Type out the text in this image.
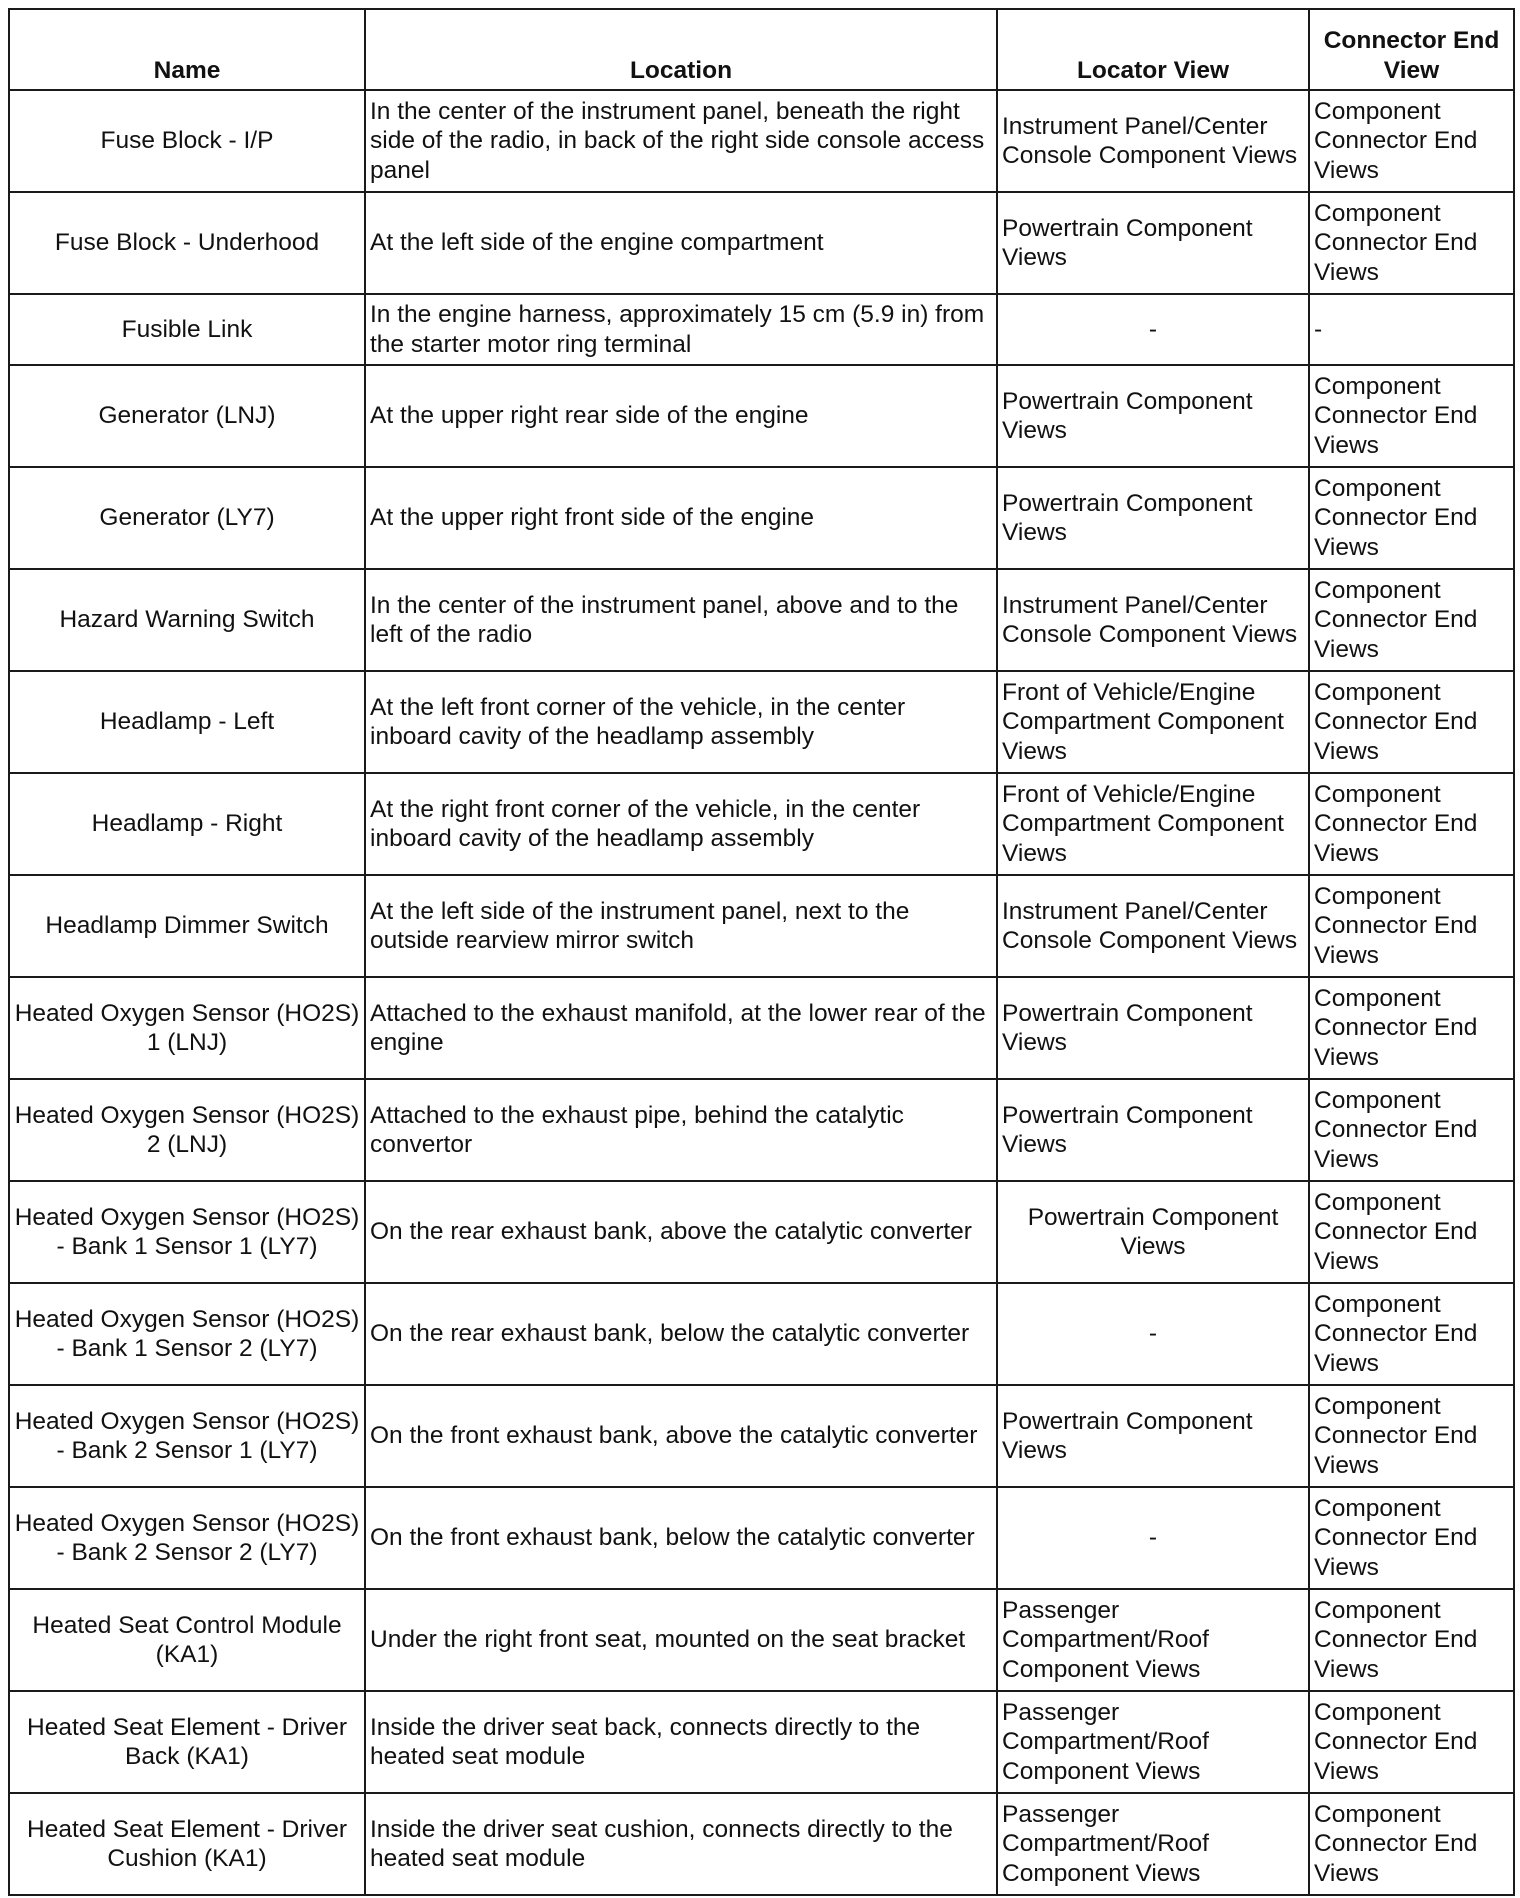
Name	Location	Locator View	Connector End View
Fuse Block - I/P	In the center of the instrument panel, beneath the right side of the radio, in back of the right side console access panel	Instrument Panel/Center Console Component Views	Component Connector End Views
Fuse Block - Underhood	At the left side of the engine compartment	Powertrain Component Views	Component Connector End Views
Fusible Link	In the engine harness, approximately 15 cm (5.9 in) from the starter motor ring terminal	-	-
Generator (LNJ)	At the upper right rear side of the engine	Powertrain Component Views	Component Connector End Views
Generator (LY7)	At the upper right front side of the engine	Powertrain Component Views	Component Connector End Views
Hazard Warning Switch	In the center of the instrument panel, above and to the left of the radio	Instrument Panel/Center Console Component Views	Component Connector End Views
Headlamp - Left	At the left front corner of the vehicle, in the center inboard cavity of the headlamp assembly	Front of Vehicle/Engine Compartment Component Views	Component Connector End Views
Headlamp - Right	At the right front corner of the vehicle, in the center inboard cavity of the headlamp assembly	Front of Vehicle/Engine Compartment Component Views	Component Connector End Views
Headlamp Dimmer Switch	At the left side of the instrument panel, next to the outside rearview mirror switch	Instrument Panel/Center Console Component Views	Component Connector End Views
Heated Oxygen Sensor (HO2S) 1 (LNJ)	Attached to the exhaust manifold, at the lower rear of the engine	Powertrain Component Views	Component Connector End Views
Heated Oxygen Sensor (HO2S) 2 (LNJ)	Attached to the exhaust pipe, behind the catalytic convertor	Powertrain Component Views	Component Connector End Views
Heated Oxygen Sensor (HO2S) - Bank 1 Sensor 1 (LY7)	On the rear exhaust bank, above the catalytic converter	Powertrain Component Views	Component Connector End Views
Heated Oxygen Sensor (HO2S) - Bank 1 Sensor 2 (LY7)	On the rear exhaust bank, below the catalytic converter	-	Component Connector End Views
Heated Oxygen Sensor (HO2S) - Bank 2 Sensor 1 (LY7)	On the front exhaust bank, above the catalytic converter	Powertrain Component Views	Component Connector End Views
Heated Oxygen Sensor (HO2S) - Bank 2 Sensor 2 (LY7)	On the front exhaust bank, below the catalytic converter	-	Component Connector End Views
Heated Seat Control Module (KA1)	Under the right front seat, mounted on the seat bracket	Passenger Compartment/Roof Component Views	Component Connector End Views
Heated Seat Element - Driver Back (KA1)	Inside the driver seat back, connects directly to the heated seat module	Passenger Compartment/Roof Component Views	Component Connector End Views
Heated Seat Element - Driver Cushion (KA1)	Inside the driver seat cushion, connects directly to the heated seat module	Passenger Compartment/Roof Component Views	Component Connector End Views
